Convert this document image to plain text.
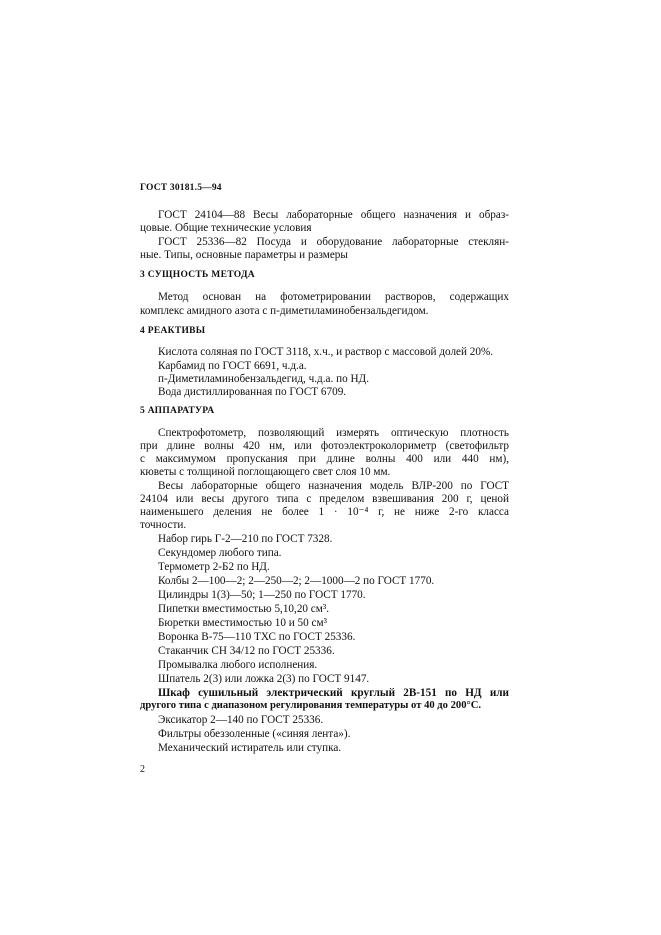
ГОСТ 30181.5—94
ГОСТ 24104—88 Весы лабораторные общего назначения и образ-
цовые. Общие технические условия
ГОСТ 25336—82 Посуда и оборудование лабораторные стеклян-
ные. Типы, основные параметры и размеры
3 СУЩНОСТЬ МЕТОДА
Метод основан на фотометрировании растворов, содержащих
комплекс амидного азота с п-диметиламинобензальдегидом.
4 РЕАКТИВЫ
Кислота соляная по ГОСТ 3118, х.ч., и раствор с массовой долей 20%.
Карбамид по ГОСТ 6691, ч.д.а.
п-Диметиламинобензальдегид, ч.д.а. по НД.
Вода дистиллированная по ГОСТ 6709.
5 АППАРАТУРА
Спектрофотометр, позволяющий измерять оптическую плотность
при длине волны 420 нм, или фотоэлектроколориметр (светофильтр
с максимумом пропускания при длине волны 400 или 440 нм),
кюветы с толщиной поглощающего свет слоя 10 мм.
Весы лабораторные общего назначения модель ВЛР-200 по ГОСТ
24104 или весы другого типа с пределом взвешивания 200 г, ценой
наименьшего деления не более 1 · 10⁻⁴ г, не ниже 2-го класса
точности.
Набор гирь Г-2—210 по ГОСТ 7328.
Секундомер любого типа.
Термометр 2-Б2 по НД.
Колбы 2—100—2; 2—250—2; 2—1000—2 по ГОСТ 1770.
Цилиндры 1(3)—50; 1—250 по ГОСТ 1770.
Пипетки вместимостью 5,10,20 см³.
Бюретки вместимостью 10 и 50 см³
Воронка В-75—110 ТХС по ГОСТ 25336.
Стаканчик СН 34/12 по ГОСТ 25336.
Промывалка любого исполнения.
Шпатель 2(3) или ложка 2(3) по ГОСТ 9147.
Шкаф сушильный электрический круглый 2В-151 по НД или
другого типа с диапазоном регулирования температуры от 40 до 200°С.
Эксикатор 2—140 по ГОСТ 25336.
Фильтры обеззоленные («синяя лента»).
Механический истиратель или ступка.
2
